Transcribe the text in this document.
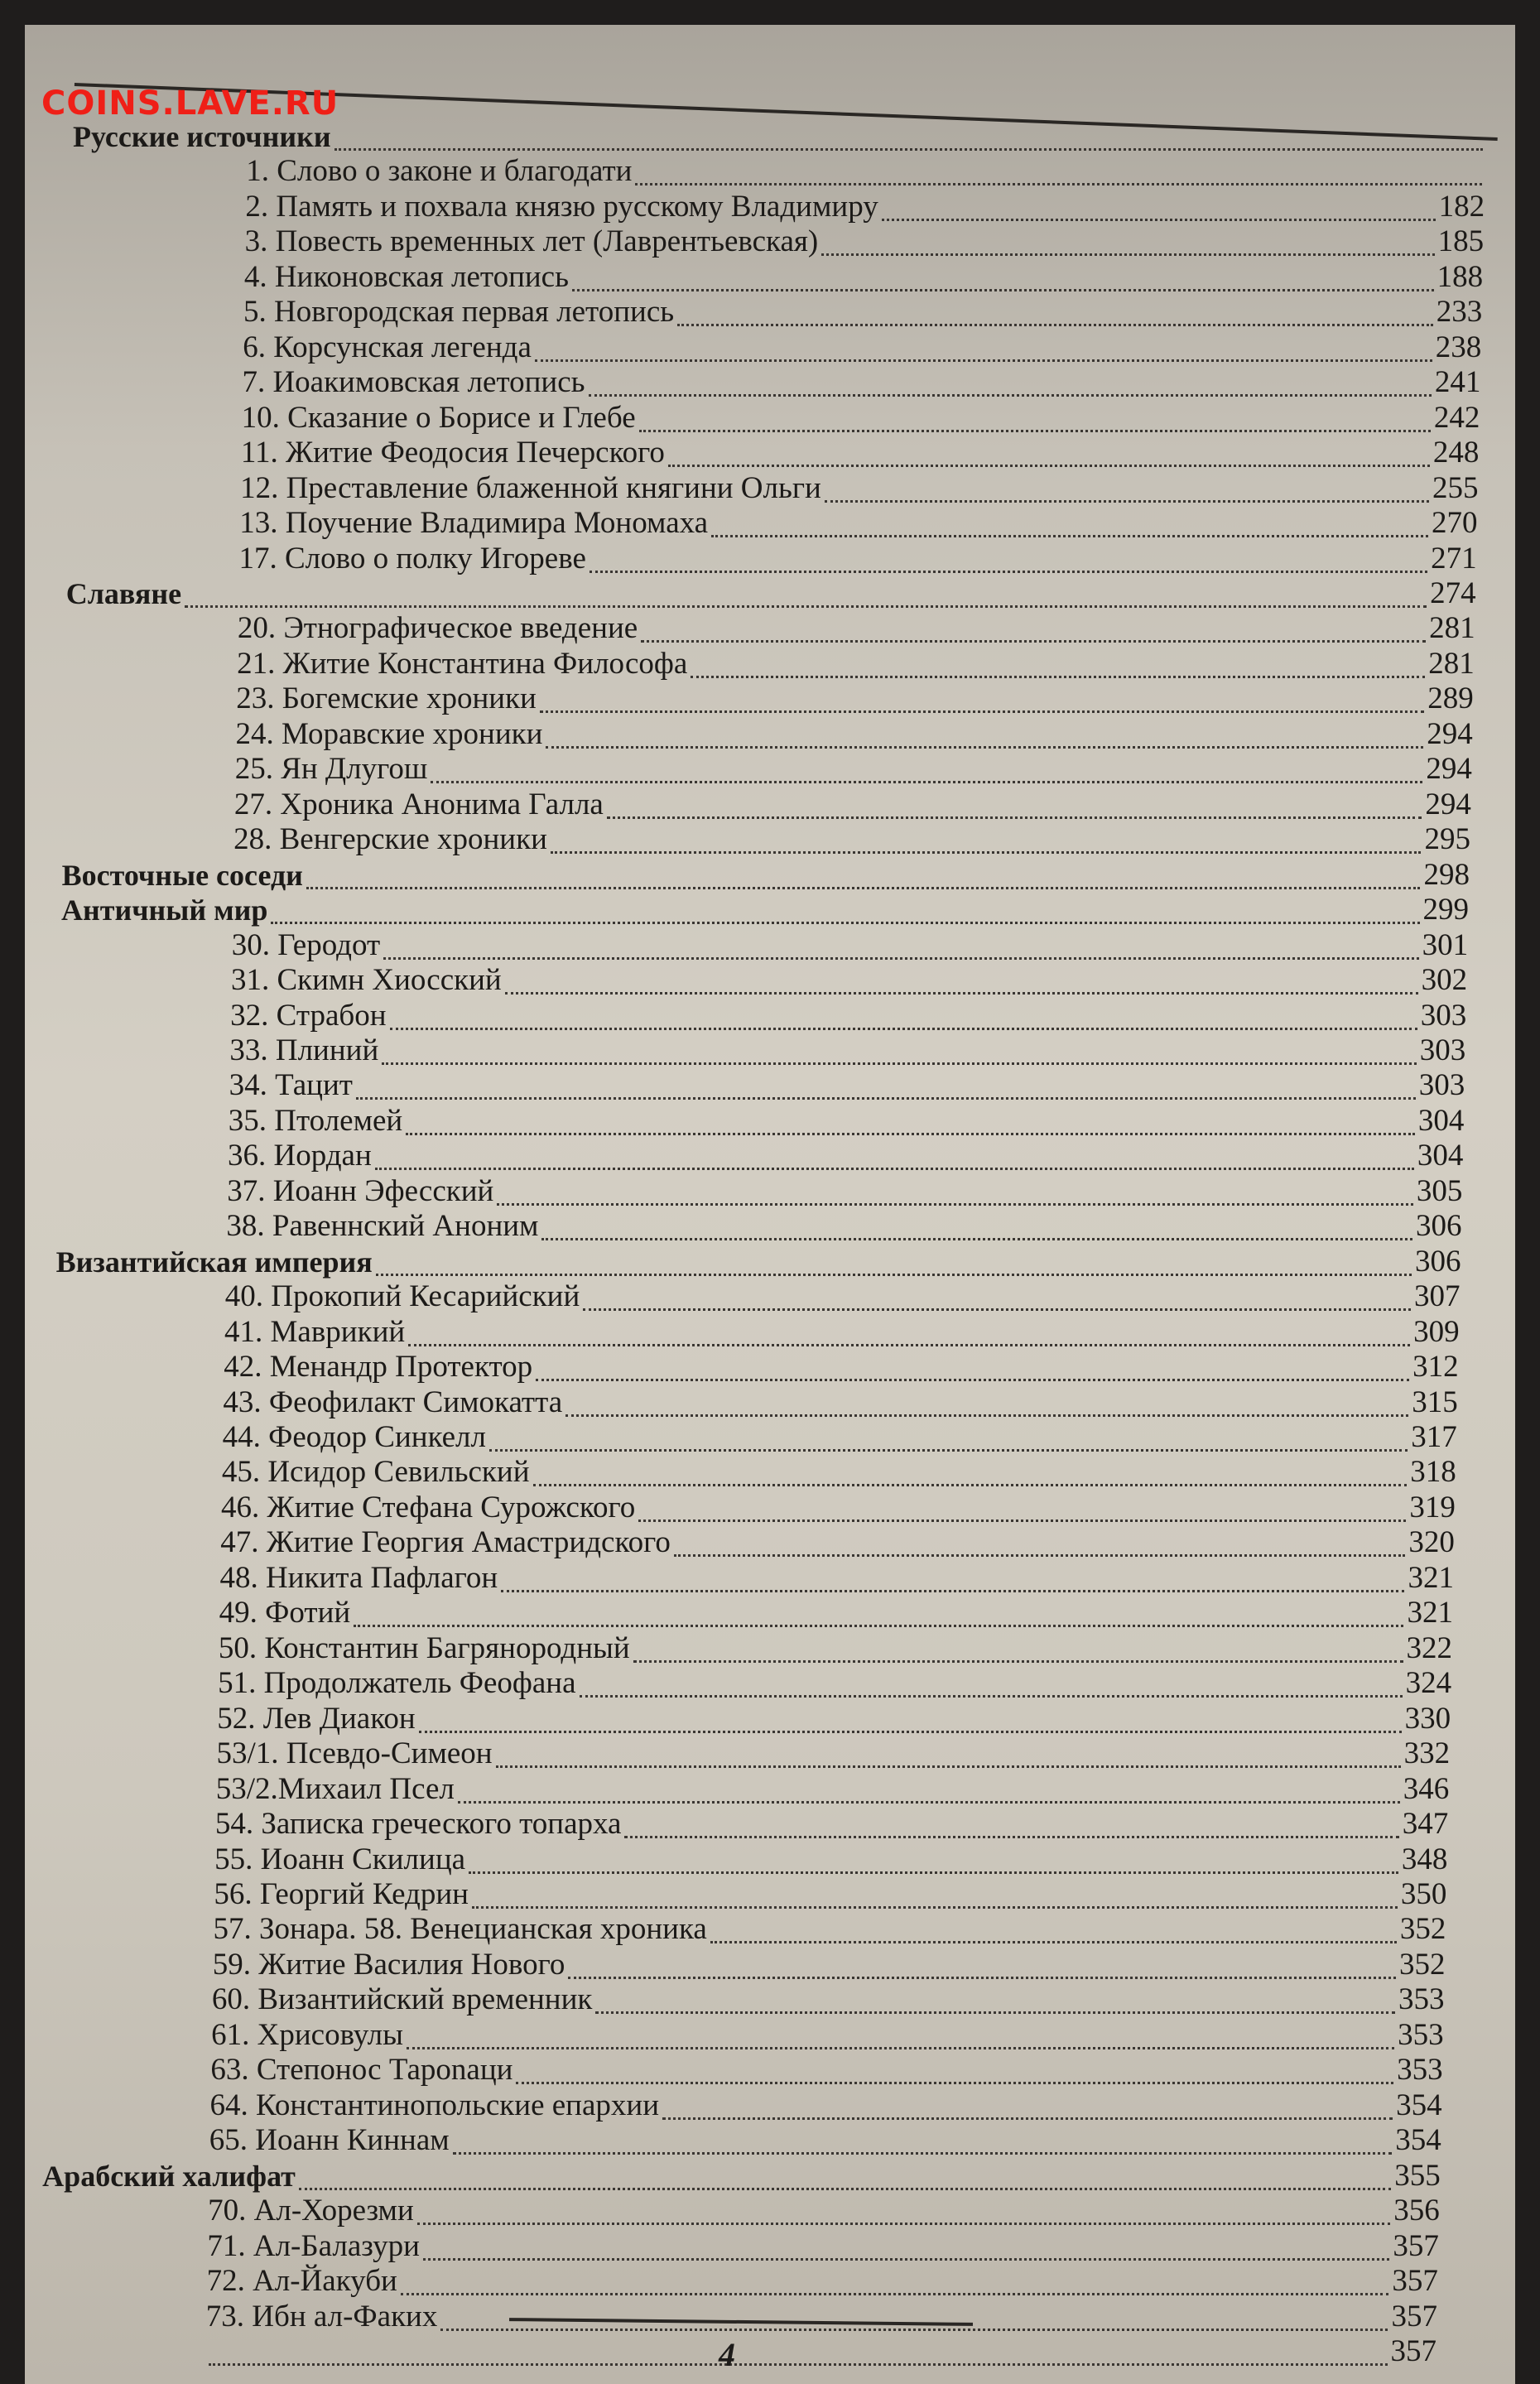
COINS.LAVE.RU
Русские источники
1. Слово о законе и благодати
2. Память и похвала князю русскому Владимиру	182
3. Повесть временных лет (Лаврентьевская)	185
4. Никоновская летопись	188
5. Новгородская первая летопись	233
6. Корсунская легенда	238
7. Иоакимовская летопись	241
10. Сказание о Борисе и Глебе	242
11. Житие Феодосия Печерского	248
12. Преставление блаженной княгини Ольги	255
13. Поучение Владимира Мономаха	270
17. Слово о полку Игореве	271
Славяне	274
20. Этнографическое введение	281
21. Житие Константина Философа	281
23. Богемские хроники	289
24. Моравские хроники	294
25. Ян Длугош	294
27. Хроника Анонима Галла	294
28. Венгерские хроники	295
Восточные соседи	298
Античный мир	299
30. Геродот	301
31. Скимн Хиосский	302
32. Страбон	303
33. Плиний	303
34. Тацит	303
35. Птолемей	304
36. Иордан	304
37. Иоанн Эфесский	305
38. Равеннский Аноним	306
Византийская империя	306
40. Прокопий Кесарийский	307
41. Маврикий	309
42. Менандр Протектор	312
43. Феофилакт Симокатта	315
44. Феодор Синкелл	317
45. Исидор Севильский	318
46. Житие Стефана Сурожского	319
47. Житие Георгия Амастридского	320
48. Никита Пафлагон	321
49. Фотий	321
50. Константин Багрянородный	322
51. Продолжатель Феофана	324
52. Лев Диакон	330
53/1. Псевдо-Симеон	332
53/2.Михаил Псел	346
54. Записка греческого топарха	347
55. Иоанн Скилица	348
56. Георгий Кедрин	350
57. Зонара. 58. Венецианская хроника	352
59. Житие Василия Нового	352
60. Византийский временник	353
61. Хрисовулы	353
63. Степонос Тароnaци	353
64. Константинопольские епархии	354
65. Иоанн Киннам	354
Арабский халифат	355
70. Ал-Хорезми	356
71. Ал-Балазури	357
72. Ал-Йакуби	357
73. Ибн ал-Факих	357
357
4
